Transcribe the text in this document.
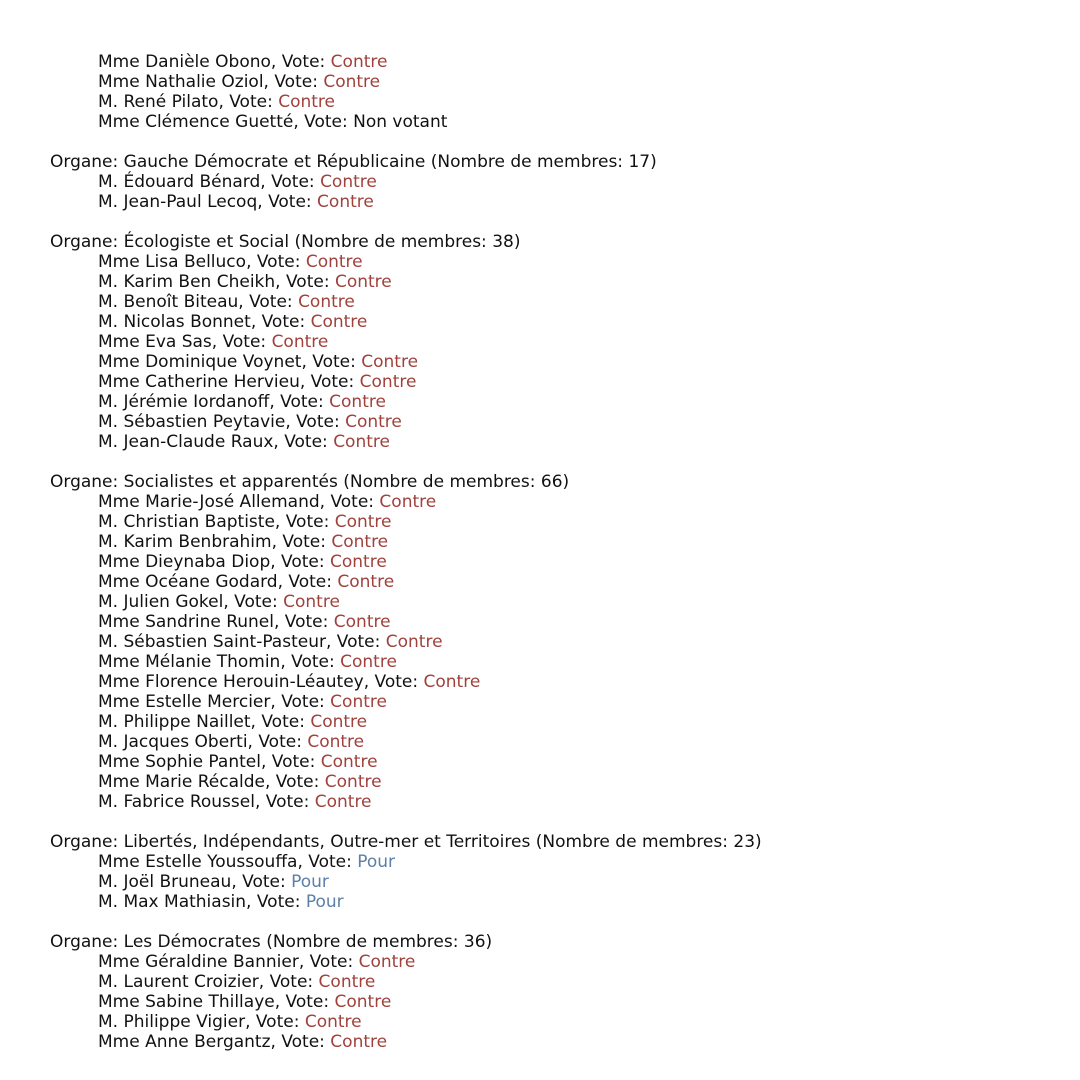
Mme Danièle Obono, Vote: Contre
Mme Nathalie Oziol, Vote: Contre
M. René Pilato, Vote: Contre
Mme Clémence Guetté, Vote: Non votant
Organe: Gauche Démocrate et Républicaine (Nombre de membres: 17)
M. Édouard Bénard, Vote: Contre
M. Jean-Paul Lecoq, Vote: Contre
Organe: Écologiste et Social (Nombre de membres: 38)
Mme Lisa Belluco, Vote: Contre
M. Karim Ben Cheikh, Vote: Contre
M. Benoît Biteau, Vote: Contre
M. Nicolas Bonnet, Vote: Contre
Mme Eva Sas, Vote: Contre
Mme Dominique Voynet, Vote: Contre
Mme Catherine Hervieu, Vote: Contre
M. Jérémie Iordanoff, Vote: Contre
M. Sébastien Peytavie, Vote: Contre
M. Jean-Claude Raux, Vote: Contre
Organe: Socialistes et apparentés (Nombre de membres: 66)
Mme Marie-José Allemand, Vote: Contre
M. Christian Baptiste, Vote: Contre
M. Karim Benbrahim, Vote: Contre
Mme Dieynaba Diop, Vote: Contre
Mme Océane Godard, Vote: Contre
M. Julien Gokel, Vote: Contre
Mme Sandrine Runel, Vote: Contre
M. Sébastien Saint-Pasteur, Vote: Contre
Mme Mélanie Thomin, Vote: Contre
Mme Florence Herouin-Léautey, Vote: Contre
Mme Estelle Mercier, Vote: Contre
M. Philippe Naillet, Vote: Contre
M. Jacques Oberti, Vote: Contre
Mme Sophie Pantel, Vote: Contre
Mme Marie Récalde, Vote: Contre
M. Fabrice Roussel, Vote: Contre
Organe: Libertés, Indépendants, Outre-mer et Territoires (Nombre de membres: 23)
Mme Estelle Youssouffa, Vote: Pour
M. Joël Bruneau, Vote: Pour
M. Max Mathiasin, Vote: Pour
Organe: Les Démocrates (Nombre de membres: 36)
Mme Géraldine Bannier, Vote: Contre
M. Laurent Croizier, Vote: Contre
Mme Sabine Thillaye, Vote: Contre
M. Philippe Vigier, Vote: Contre
Mme Anne Bergantz, Vote: Contre
